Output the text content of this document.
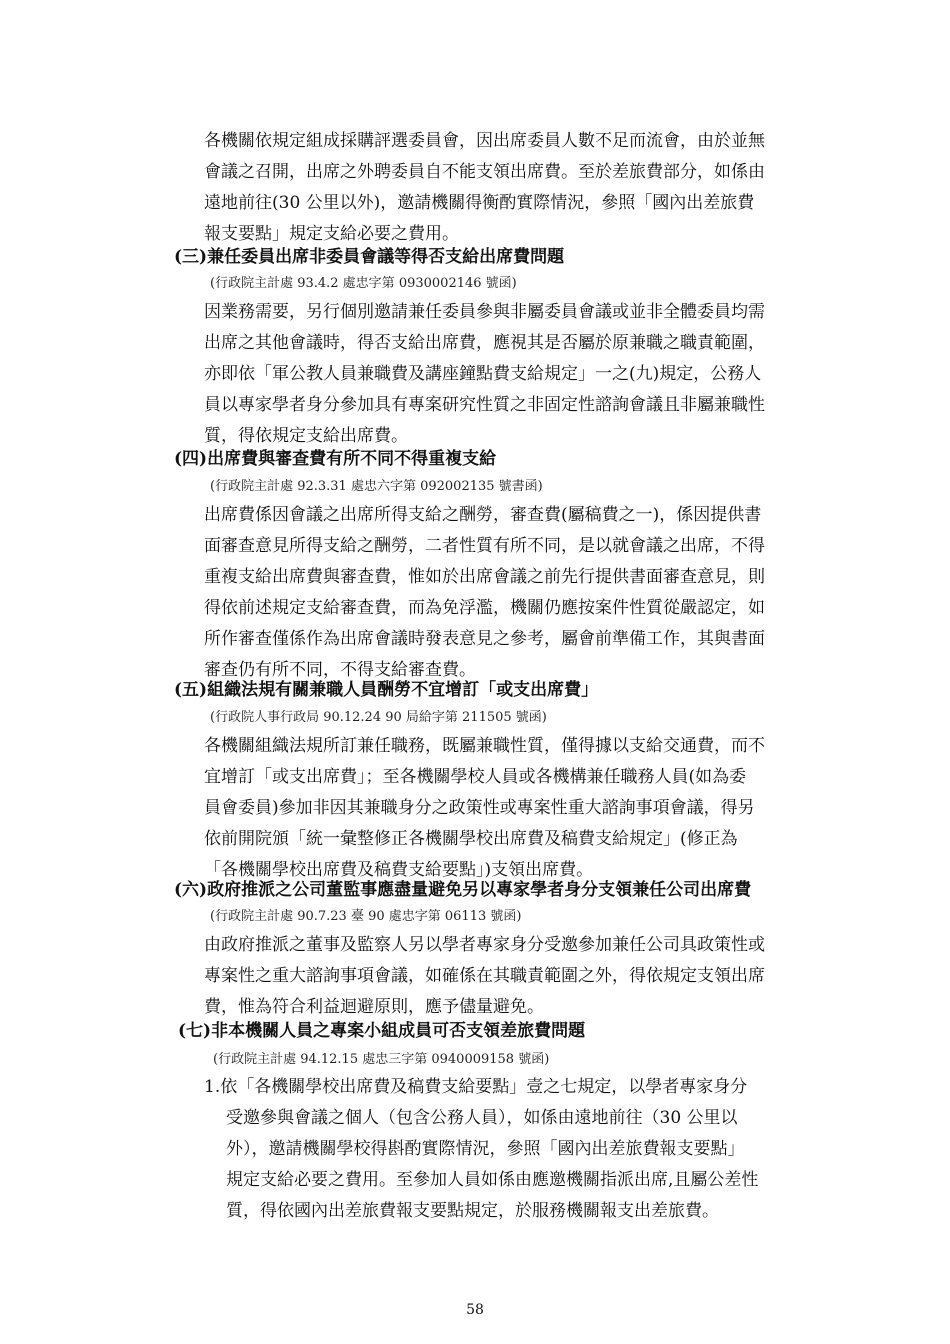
各機關依規定組成採購評選委員會，因出席委員人數不足而流會，由於並無
會議之召開，出席之外聘委員自不能支領出席費。至於差旅費部分，如係由
遠地前往(30 公里以外)，邀請機關得衡酌實際情況，參照「國內出差旅費
報支要點」規定支給必要之費用。
(三)兼任委員出席非委員會議等得否支給出席費問題
(行政院主計處 93.4.2 處忠字第 0930002146 號函)
因業務需要，另行個別邀請兼任委員參與非屬委員會議或並非全體委員均需
出席之其他會議時，得否支給出席費，應視其是否屬於原兼職之職責範圍，
亦即依「軍公教人員兼職費及講座鐘點費支給規定」一之(九)規定，公務人
員以專家學者身分參加具有專案研究性質之非固定性諮詢會議且非屬兼職性
質，得依規定支給出席費。
(四)出席費與審查費有所不同不得重複支給
(行政院主計處 92.3.31 處忠六字第 092002135 號書函)
出席費係因會議之出席所得支給之酬勞，審查費(屬稿費之一)，係因提供書
面審查意見所得支給之酬勞，二者性質有所不同，是以就會議之出席，不得
重複支給出席費與審查費，惟如於出席會議之前先行提供書面審查意見，則
得依前述規定支給審查費，而為免浮濫，機關仍應按案件性質從嚴認定，如
所作審查僅係作為出席會議時發表意見之參考，屬會前準備工作，其與書面
審查仍有所不同，不得支給審查費。
(五)組織法規有關兼職人員酬勞不宜增訂「或支出席費」
(行政院人事行政局 90.12.24 90 局給字第 211505 號函)
各機關組織法規所訂兼任職務，既屬兼職性質，僅得據以支給交通費，而不
宜增訂「或支出席費」；至各機關學校人員或各機構兼任職務人員(如為委
員會委員)參加非因其兼職身分之政策性或專案性重大諮詢事項會議，得另
依前開院頒「統一彙整修正各機關學校出席費及稿費支給規定」(修正為
「各機關學校出席費及稿費支給要點」)支領出席費。
(六)政府推派之公司董監事應盡量避免另以專家學者身分支領兼任公司出席費
(行政院主計處 90.7.23 臺 90 處忠字第 06113 號函)
由政府推派之董事及監察人另以學者專家身分受邀參加兼任公司具政策性或
專案性之重大諮詢事項會議，如確係在其職責範圍之外，得依規定支領出席
費，惟為符合利益迴避原則，應予儘量避免。
(七)非本機關人員之專案小組成員可否支領差旅費問題
(行政院主計處 94.12.15 處忠三字第 0940009158 號函)
1.依「各機關學校出席費及稿費支給要點」壹之七規定，以學者專家身分
受邀參與會議之個人（包含公務人員），如係由遠地前往（30 公里以
外），邀請機關學校得斟酌實際情況，參照「國內出差旅費報支要點」
規定支給必要之費用。至參加人員如係由應邀機關指派出席,且屬公差性
質，得依國內出差旅費報支要點規定，於服務機關報支出差旅費。
58
